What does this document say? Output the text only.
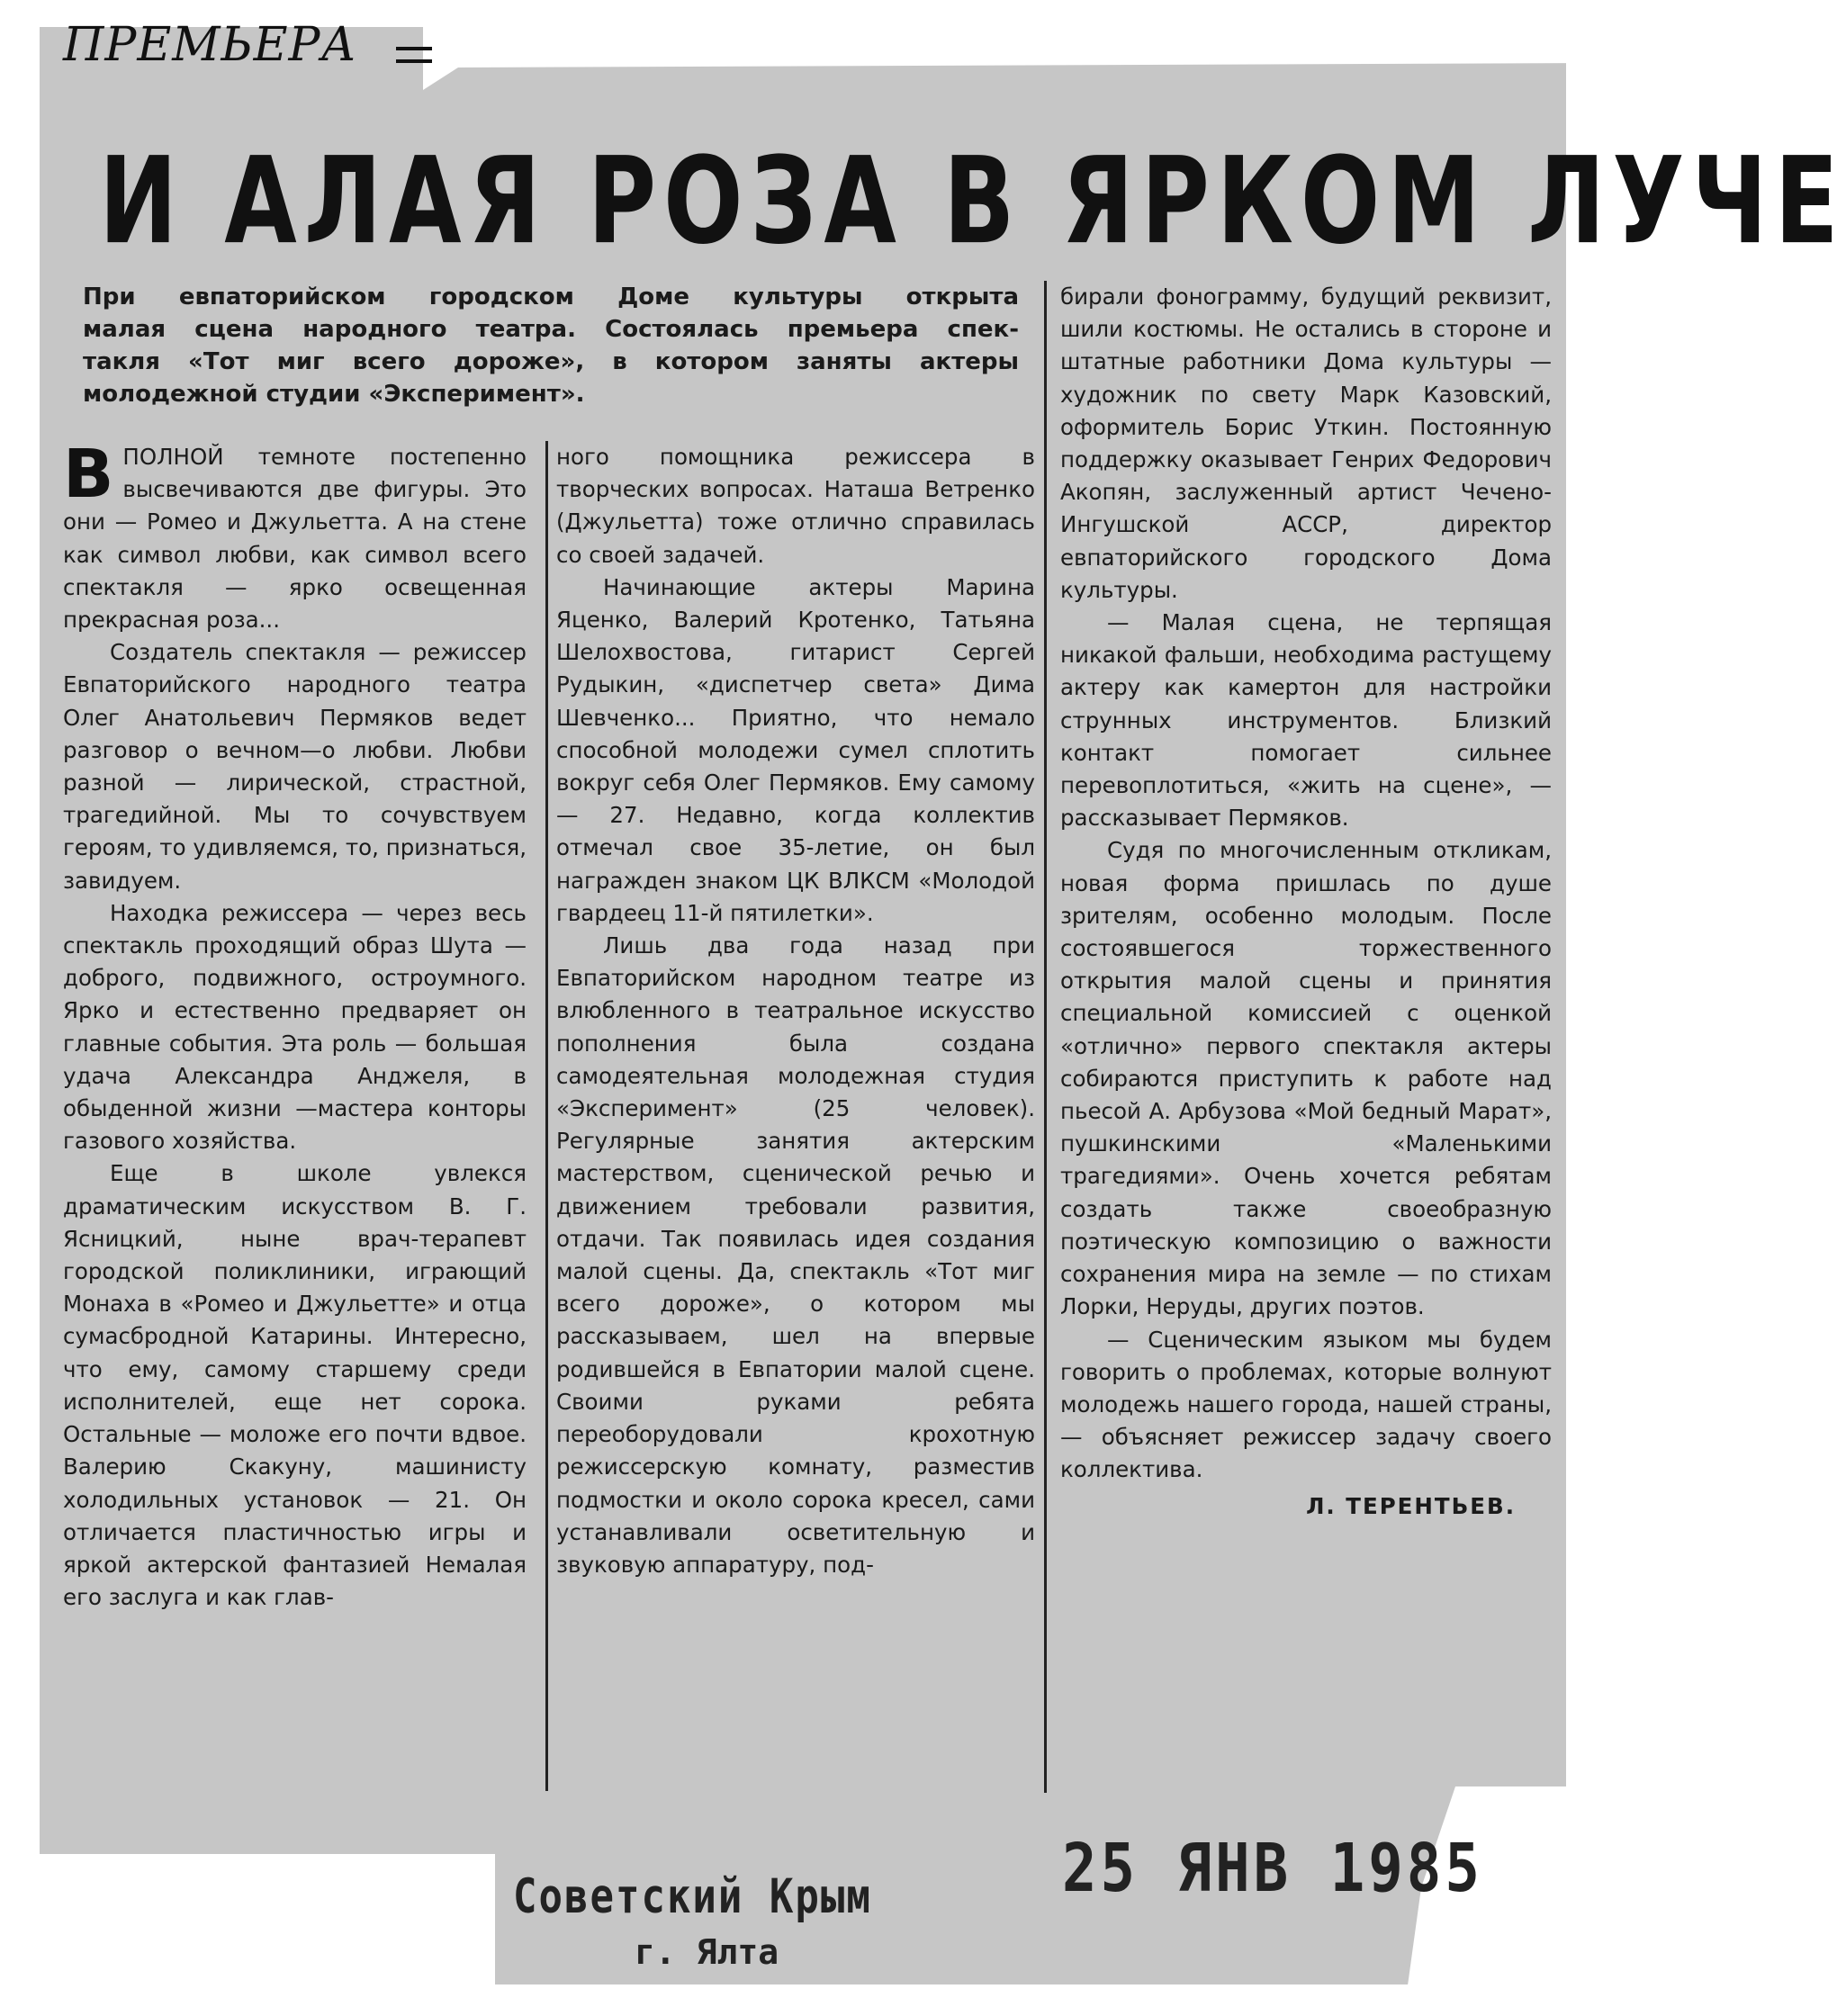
ПРЕМЬЕРА
И АЛАЯ РОЗА В ЯРКОМ ЛУЧЕ
При евпаторийском городском Доме культуры открыта
малая сцена народного театра. Состоялась премьера спек-
такля «Тот миг всего дороже», в котором заняты актеры
молодежной студии «Эксперимент».

ВПОЛНОЙ темноте постепенно высвечиваются две фигуры. Это они — Ромео и Джульетта. А на стене как символ любви, как символ всего спектакля — ярко освещенная прекрасная роза...

Создатель спектакля — режиссер Евпаторийского народного театра Олег Анатольевич Пермяков ведет разговор о вечном—о любви. Любви разной — лирической, страстной, трагедийной. Мы то сочувствуем героям, то удивляемся, то, признаться, завидуем.

Находка режиссера — через весь спектакль проходящий образ Шута — доброго, подвижного, остроумного. Ярко и естественно предваряет он главные события. Эта роль — большая удача Александра Анджеля, в обыденной жизни —мастера конторы газового хозяйства.

Еще в школе увлекся драматическим искусством В. Г. Ясницкий, ныне врач-терапевт городской поликлиники, играющий Монаха в «Ромео и Джульетте» и отца сумасбродной Катарины. Интересно, что ему, самому старшему среди исполнителей, еще нет сорока. Остальные — моложе его почти вдвое. Валерию Скакуну, машинисту холодильных установок — 21. Он отличается пластичностью игры и яркой актерской фантазией Немалая его заслуга и как глав-

ного помощника режиссера в творческих вопросах. Наташа Ветренко (Джульетта) тоже отлично справилась со своей задачей.

Начинающие актеры Марина Яценко, Валерий Кротенко, Татьяна Шелохвостова, гитарист Сергей Рудыкин, «диспетчер света» Дима Шевченко... Приятно, что немало способной молодежи сумел сплотить вокруг себя Олег Пермяков. Ему самому — 27. Недавно, когда коллектив отмечал свое 35-летие, он был награжден знаком ЦК ВЛКСМ «Молодой гвардеец 11-й пятилетки».

Лишь два года назад при Евпаторийском народном театре из влюбленного в театральное искусство пополнения была создана самодеятельная молодежная студия «Эксперимент» (25 человек). Регулярные занятия актерским мастерством, сценической речью и движением требовали развития, отдачи. Так появилась идея создания малой сцены. Да, спектакль «Тот миг всего дороже», о котором мы рассказываем, шел на впервые родившейся в Евпатории малой сцене. Своими руками ребята переоборудовали крохотную режиссерскую комнату, разместив подмостки и около сорока кресел, сами устанавливали осветительную и звуковую аппаратуру, под-

бирали фонограмму, будущий реквизит, шили костюмы. Не остались в стороне и штатные работники Дома культуры — художник по свету Марк Казовский, оформитель Борис Уткин. Постоянную поддержку оказывает Генрих Федорович Акопян, заслуженный артист Чечено-Ингушской АССР, директор евпаторийского городского Дома культуры.

— Малая сцена, не терпящая никакой фальши, необходима растущему актеру как камертон для настройки струнных инструментов. Близкий контакт помогает сильнее перевоплотиться, «жить на сцене», — рассказывает Пермяков.

Судя по многочисленным откликам, новая форма пришлась по душе зрителям, особенно молодым. После состоявшегося торжественного открытия малой сцены и принятия специальной комиссией с оценкой «отлично» первого спектакля актеры собираются приступить к работе над пьесой А. Арбузова «Мой бедный Марат», пушкинскими «Маленькими трагедиями». Очень хочется ребятам создать также своеобразную поэтическую композицию о важности сохранения мира на земле — по стихам Лорки, Неруды, других поэтов.

— Сценическим языком мы будем говорить о проблемах, которые волнуют молодежь нашего города, нашей страны, — объясняет режиссер задачу своего коллектива.

Л. ТЕРЕНТЬЕВ.

Советский Крым
г. Ялта
25 ЯНВ 1985
